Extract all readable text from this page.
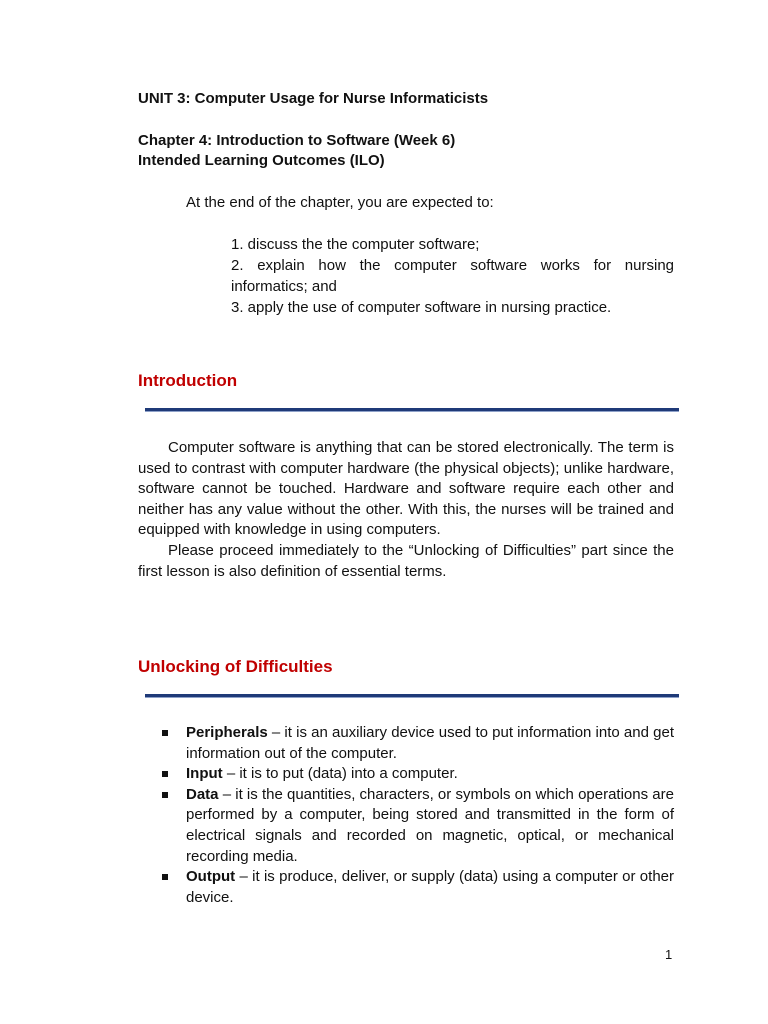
UNIT 3: Computer Usage for Nurse Informaticists
Chapter 4: Introduction to Software (Week 6)
Intended Learning Outcomes (ILO)
At the end of the chapter, you are expected to:
1. discuss the the computer software;
2. explain how the computer software works for nursing informatics; and
3. apply the use of computer software in nursing practice.
Introduction

Computer software is anything that can be stored electronically. The term is used to contrast with computer hardware (the physical objects); unlike hardware, software cannot be touched. Hardware and software require each other and neither has any value without the other. With this, the nurses will be trained and equipped with knowledge in using computers.

Please proceed immediately to the “Unlocking of Difficulties” part since the first lesson is also definition of essential terms.

Unlocking of Difficulties
Peripherals – it is an auxiliary device used to put information into and get information out of the computer.
Input – it is to put (data) into a computer.
Data – it is the quantities, characters, or symbols on which operations are performed by a computer, being stored and transmitted in the form of electrical signals and recorded on magnetic, optical, or mechanical recording media.
Output – it is produce, deliver, or supply (data) using a computer or other device.
1
